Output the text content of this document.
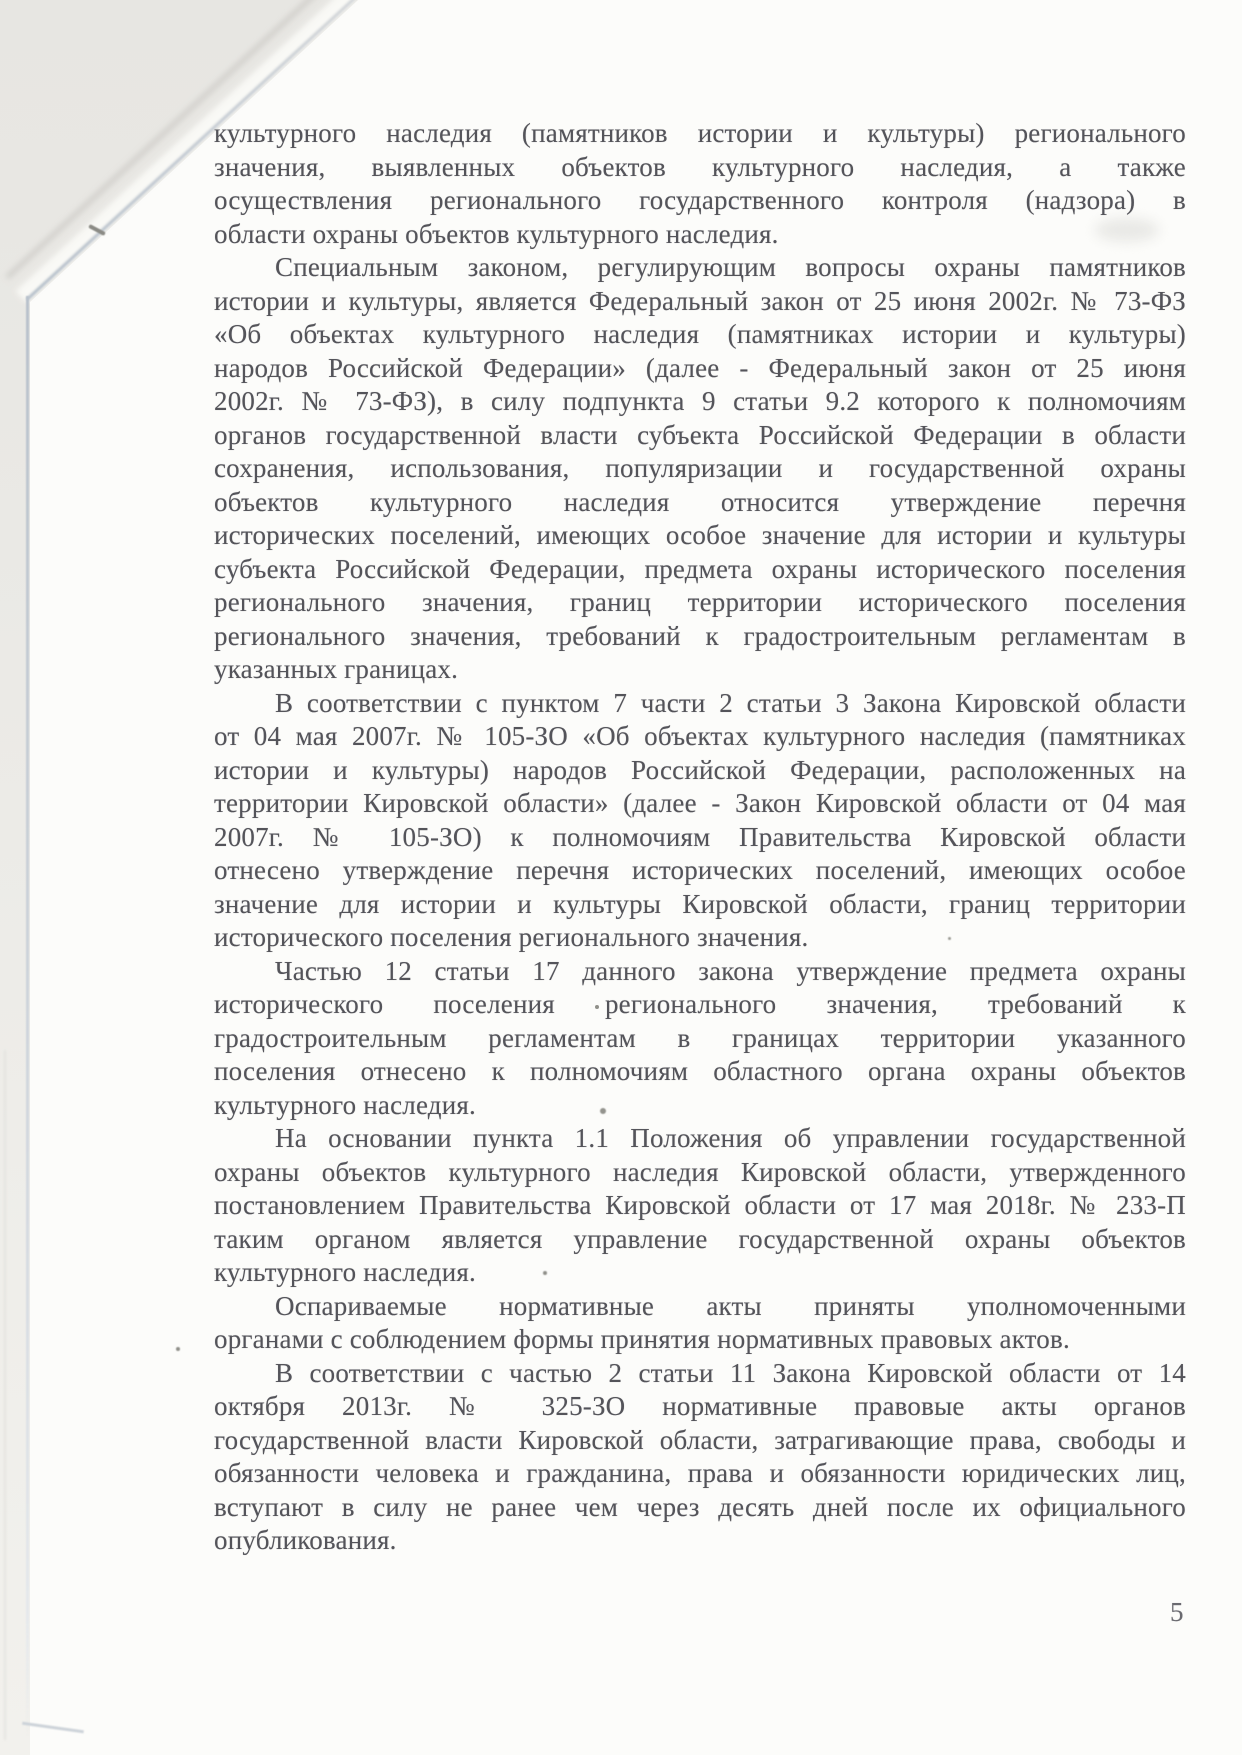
культурного наследия (памятников истории и культуры) регионального
значения, выявленных объектов культурного наследия, а также
осуществления регионального государственного контроля (надзора) в
области охраны объектов культурного наследия.
Специальным законом, регулирующим вопросы охраны памятников
истории и культуры, является Федеральный закон от 25 июня 2002г. № 73-ФЗ
«Об объектах культурного наследия (памятниках истории и культуры)
народов Российской Федерации» (далее - Федеральный закон от 25 июня
2002г. № 73-ФЗ), в силу подпункта 9 статьи 9.2 которого к полномочиям
органов государственной власти субъекта Российской Федерации в области
сохранения, использования, популяризации и государственной охраны
объектов культурного наследия относится утверждение перечня
исторических поселений, имеющих особое значение для истории и культуры
субъекта Российской Федерации, предмета охраны исторического поселения
регионального значения, границ территории исторического поселения
регионального значения, требований к градостроительным регламентам в
указанных границах.
В соответствии с пунктом 7 части 2 статьи 3 Закона Кировской области
от 04 мая 2007г. № 105-ЗО «Об объектах культурного наследия (памятниках
истории и культуры) народов Российской Федерации, расположенных на
территории Кировской области» (далее - Закон Кировской области от 04 мая
2007г. № 105-ЗО) к полномочиям Правительства Кировской области
отнесено утверждение перечня исторических поселений, имеющих особое
значение для истории и культуры Кировской области, границ территории
исторического поселения регионального значения.
Частью 12 статьи 17 данного закона утверждение предмета охраны
исторического поселения регионального значения, требований к
градостроительным регламентам в границах территории указанного
поселения отнесено к полномочиям областного органа охраны объектов
культурного наследия.
На основании пункта 1.1 Положения об управлении государственной
охраны объектов культурного наследия Кировской области, утвержденного
постановлением Правительства Кировской области от 17 мая 2018г. № 233-П
таким органом является управление государственной охраны объектов
культурного наследия.
Оспариваемые нормативные акты приняты уполномоченными
органами с соблюдением формы принятия нормативных правовых актов.
В соответствии с частью 2 статьи 11 Закона Кировской области от 14
октября 2013г. № 325-ЗО нормативные правовые акты органов
государственной власти Кировской области, затрагивающие права, свободы и
обязанности человека и гражданина, права и обязанности юридических лиц,
вступают в силу не ранее чем через десять дней после их официального
опубликования.
5
